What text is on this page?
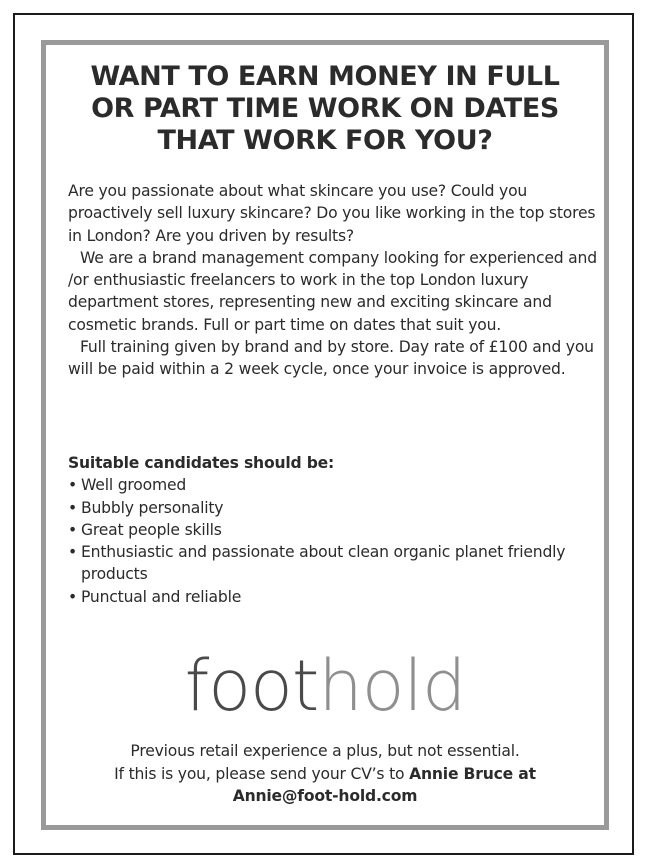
WANT TO EARN MONEY IN FULL
OR PART TIME WORK ON DATES
THAT WORK FOR YOU?

Are you passionate about what skincare you use? Could you proactively sell luxury skincare? Do you like working in the top stores in London? Are you driven by results?

We are a brand management company looking for experienced and /or enthusiastic freelancers to work in the top London luxury department stores, representing new and exciting skincare and cosmetic brands. Full or part time on dates that suit you.

Full training given by brand and by store. Day rate of £100 and you will be paid within a 2 week cycle, once your invoice is approved.

Suitable candidates should be:

• Well groomed
• Bubbly personality
• Great people skills
• Enthusiastic and passionate about clean organic planet friendly products
• Punctual and reliable
foothold

Previous retail experience a plus, but not essential.

If this is you, please send your CV’s to Annie Bruce at

Annie@foot-hold.com
